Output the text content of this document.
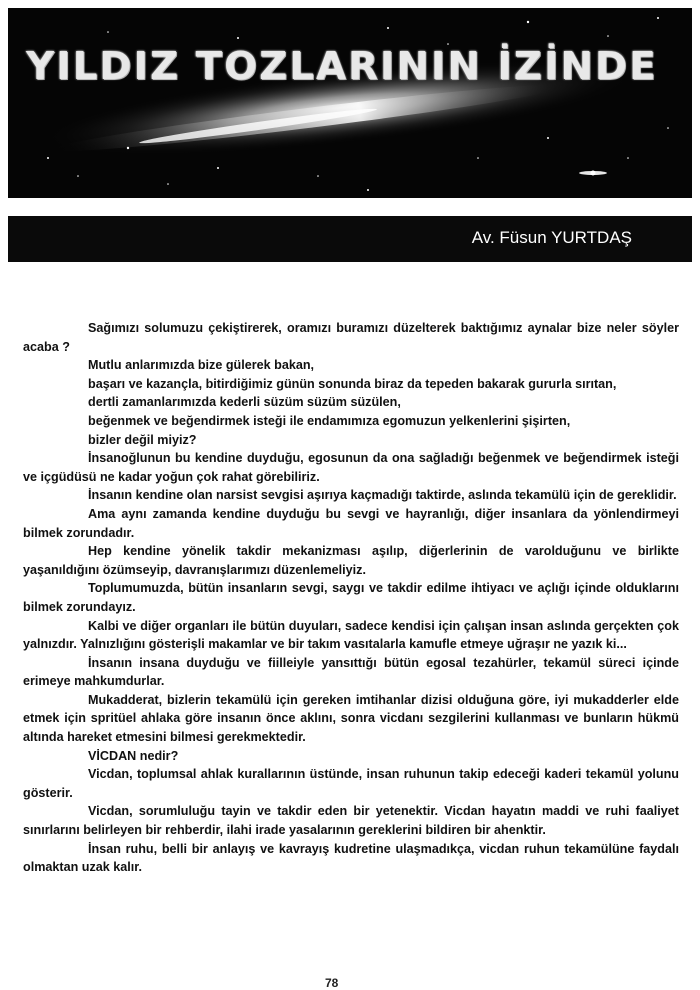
YILDIZ TOZLARININ İZİNDE
Av. Füsun YURTDAŞ

Sağımızı solumuzu çekiştirerek, oramızı buramızı düzelterek baktığımız aynalar bize neler söyler acaba ?

Mutlu anlarımızda bize gülerek bakan,

başarı ve kazançla, bitirdiğimiz günün sonunda biraz da tepeden bakarak gururla sırıtan,

dertli zamanlarımızda kederli süzüm süzüm süzülen,

beğenmek ve beğendirmek isteği ile endamımıza egomuzun yelkenlerini şişirten,

bizler değil miyiz?

İnsanoğlunun bu kendine duyduğu, egosunun da ona sağladığı beğenmek ve beğendirmek isteği ve içgüdüsü ne kadar yoğun çok rahat görebiliriz.

İnsanın kendine olan narsist sevgisi aşırıya kaçmadığı taktirde, aslında tekamülü için de gereklidir.

Ama aynı zamanda kendine duyduğu bu sevgi ve hayranlığı, diğer insanlara da yönlendirmeyi bilmek zorundadır.

Hep kendine yönelik takdir mekanizması aşılıp, diğerlerinin de varolduğunu ve birlikte yaşanıldığını özümseyip, davranışlarımızı düzenlemeliyiz.

Toplumumuzda, bütün insanların sevgi, saygı ve takdir edilme ihtiyacı ve açlığı içinde olduklarını bilmek zorundayız.

Kalbi ve diğer organları ile bütün duyuları, sadece kendisi için çalışan insan aslında gerçekten çok yalnızdır. Yalnızlığını gösterişli makamlar ve bir takım vasıtalarla kamufle etmeye uğraşır ne yazık ki...

İnsanın insana duyduğu ve fiilleiyle yansıttığı bütün egosal tezahürler, tekamül süreci içinde erimeye mahkumdurlar.

Mukadderat, bizlerin tekamülü için gereken imtihanlar dizisi olduğuna göre, iyi mukadderler elde etmek için spritüel ahlaka göre insanın önce aklını, sonra vicdanı sezgilerini kullanması ve bunların hükmü altında hareket etmesini bilmesi gerekmektedir.

VİCDAN nedir?

Vicdan, toplumsal ahlak kurallarının üstünde, insan ruhunun takip edeceği kaderi tekamül yolunu gösterir.

Vicdan, sorumluluğu tayin ve takdir eden bir yetenektir. Vicdan hayatın maddi ve ruhi faaliyet sınırlarını belirleyen bir rehberdir, ilahi irade yasalarının gereklerini bildiren bir ahenktir.

İnsan ruhu, belli bir anlayış ve kavrayış kudretine ulaşmadıkça, vicdan ruhun tekamülüne faydalı olmaktan uzak kalır.

78
